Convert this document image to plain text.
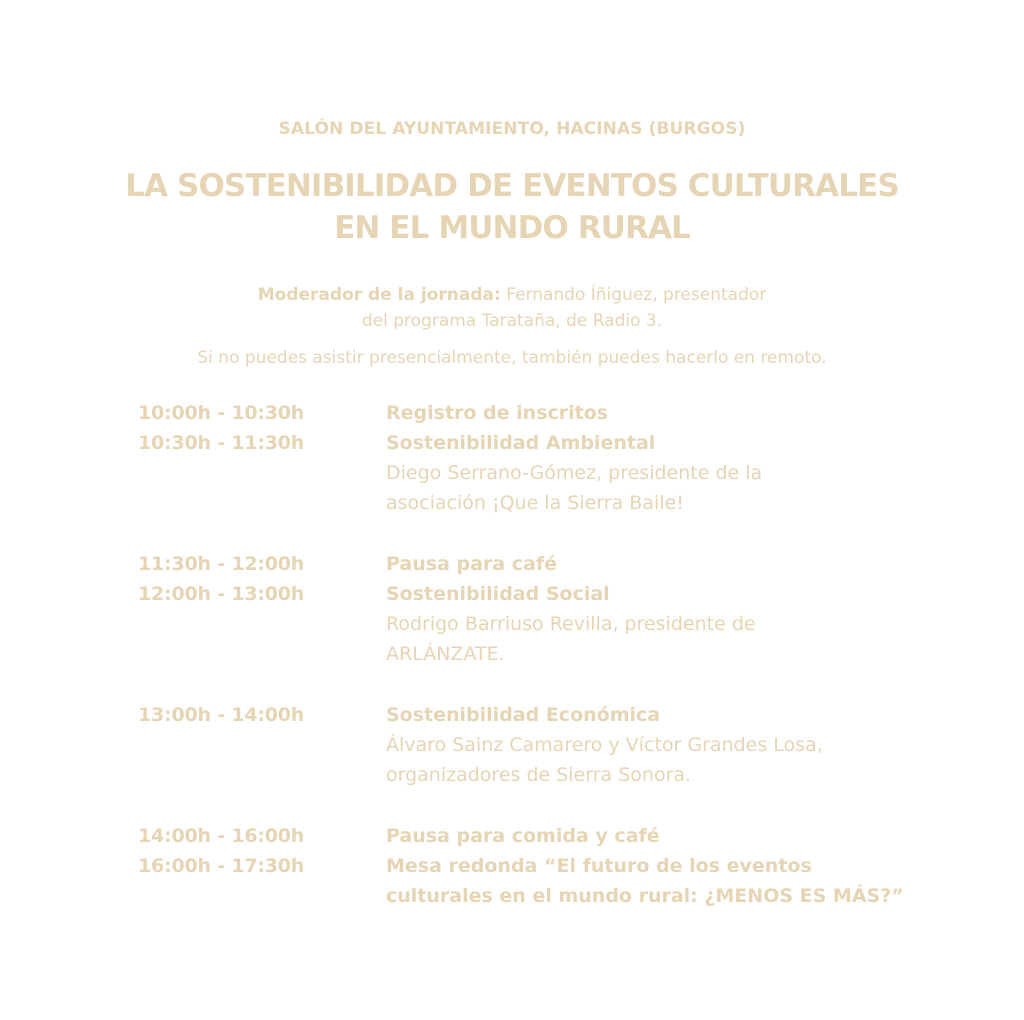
SALÓN DEL AYUNTAMIENTO, HACINAS (BURGOS)
LA SOSTENIBILIDAD DE EVENTOS CULTURALES
EN EL MUNDO RURAL
Moderador de la jornada: Fernando Íñiguez, presentador
del programa Tarataña, de Radio 3.
Si no puedes asistir presencialmente, también puedes hacerlo en remoto.
10:00h - 10:30h	Registro de inscritos
10:30h - 11:30h	Sostenibilidad Ambiental
Diego Serrano-Gómez, presidente de la
asociación ¡Que la Sierra Baile!
11:30h - 12:00h	Pausa para café
12:00h - 13:00h	Sostenibilidad Social
Rodrigo Barriuso Revilla, presidente de
ARLÁNZATE.
13:00h - 14:00h	Sostenibilidad Económica
Álvaro Sainz Camarero y Víctor Grandes Losa,
organizadores de Sierra Sonora.
14:00h - 16:00h	Pausa para comida y café
16:00h - 17:30h	Mesa redonda “El futuro de los eventos
culturales en el mundo rural: ¿MENOS ES MÁS?”
